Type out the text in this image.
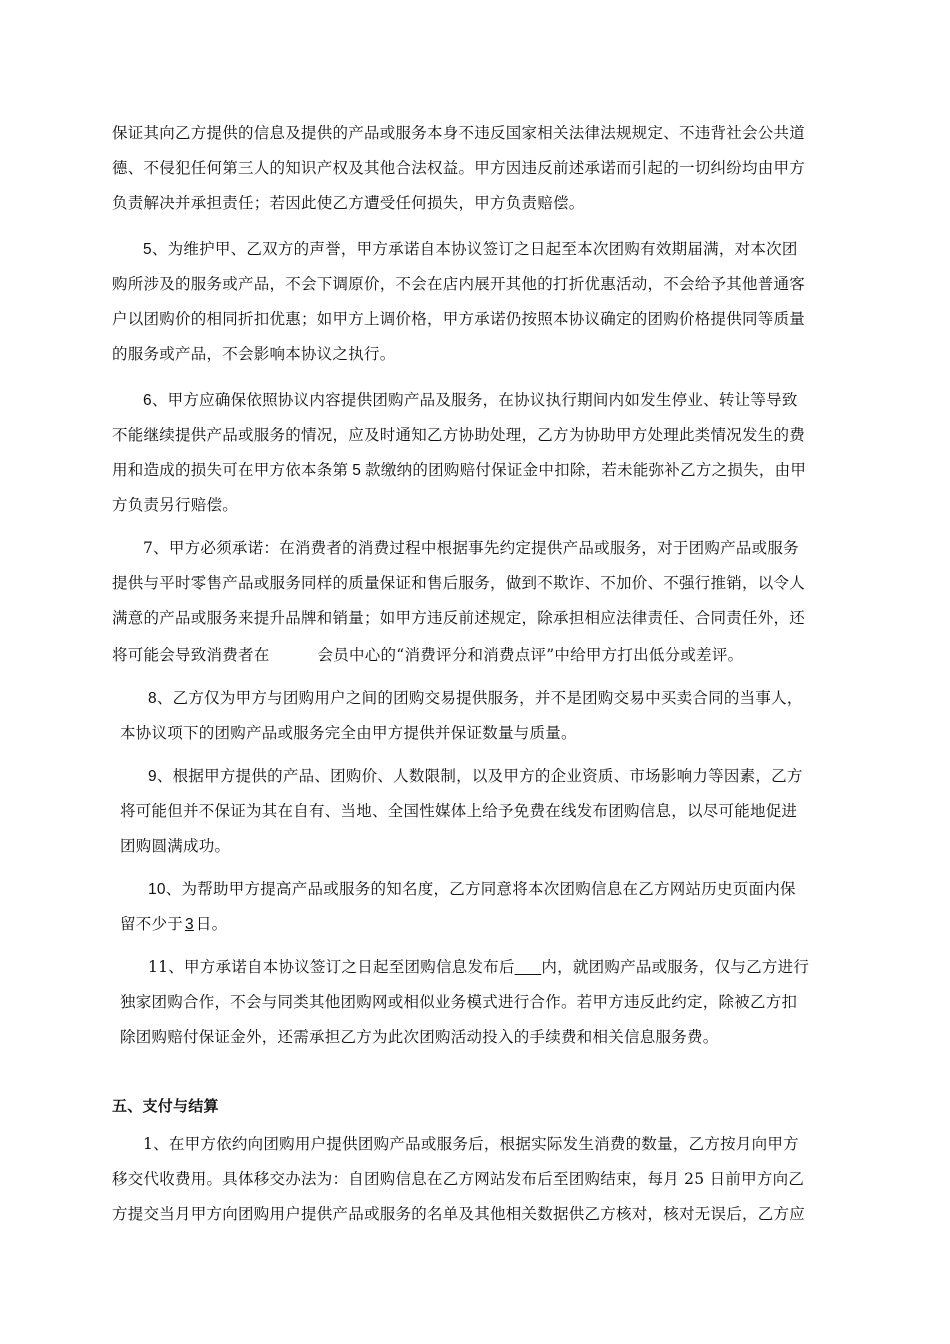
保证其向乙方提供的信息及提供的产品或服务本身不违反国家相关法律法规规定、不违背社会公共道
德、不侵犯任何第三人的知识产权及其他合法权益。甲方因违反前述承诺而引起的一切纠纷均由甲方
负责解决并承担责任；若因此使乙方遭受任何损失，甲方负责赔偿。
5、为维护甲、乙双方的声誉，甲方承诺自本协议签订之日起至本次团购有效期届满，对本次团
购所涉及的服务或产品，不会下调原价，不会在店内展开其他的打折优惠活动，不会给予其他普通客
户以团购价的相同折扣优惠；如甲方上调价格，甲方承诺仍按照本协议确定的团购价格提供同等质量
的服务或产品，不会影响本协议之执行。
6、甲方应确保依照协议内容提供团购产品及服务，在协议执行期间内如发生停业、转让等导致
不能继续提供产品或服务的情况，应及时通知乙方协助处理，乙方为协助甲方处理此类情况发生的费
用和造成的损失可在甲方依本条第 5 款缴纳的团购赔付保证金中扣除，若未能弥补乙方之损失，由甲
方负责另行赔偿。
7、甲方必须承诺：在消费者的消费过程中根据事先约定提供产品或服务，对于团购产品或服务
提供与平时零售产品或服务同样的质量保证和售后服务，做到不欺诈、不加价、不强行推销，以令人
满意的产品或服务来提升品牌和销量；如甲方违反前述规定，除承担相应法律责任、合同责任外，还
将可能会导致消费者在	会员中心的“消费评分和消费点评”中给甲方打出低分或差评。
8、乙方仅为甲方与团购用户之间的团购交易提供服务，并不是团购交易中买卖合同的当事人，
本协议项下的团购产品或服务完全由甲方提供并保证数量与质量。
9、根据甲方提供的产品、团购价、人数限制，以及甲方的企业资质、市场影响力等因素，乙方
将可能但并不保证为其在自有、当地、全国性媒体上给予免费在线发布团购信息，以尽可能地促进
团购圆满成功。
10、为帮助甲方提高产品或服务的知名度，乙方同意将本次团购信息在乙方网站历史页面内保
留不少于 3 日。
11、甲方承诺自本协议签订之日起至团购信息发布后___内，就团购产品或服务，仅与乙方进行
独家团购合作，不会与同类其他团购网或相似业务模式进行合作。若甲方违反此约定，除被乙方扣
除团购赔付保证金外，还需承担乙方为此次团购活动投入的手续费和相关信息服务费。
五、支付与结算
1、在甲方依约向团购用户提供团购产品或服务后，根据实际发生消费的数量，乙方按月向甲方
移交代收费用。具体移交办法为：自团购信息在乙方网站发布后至团购结束，每月 25 日前甲方向乙
方提交当月甲方向团购用户提供产品或服务的名单及其他相关数据供乙方核对，核对无误后，乙方应
